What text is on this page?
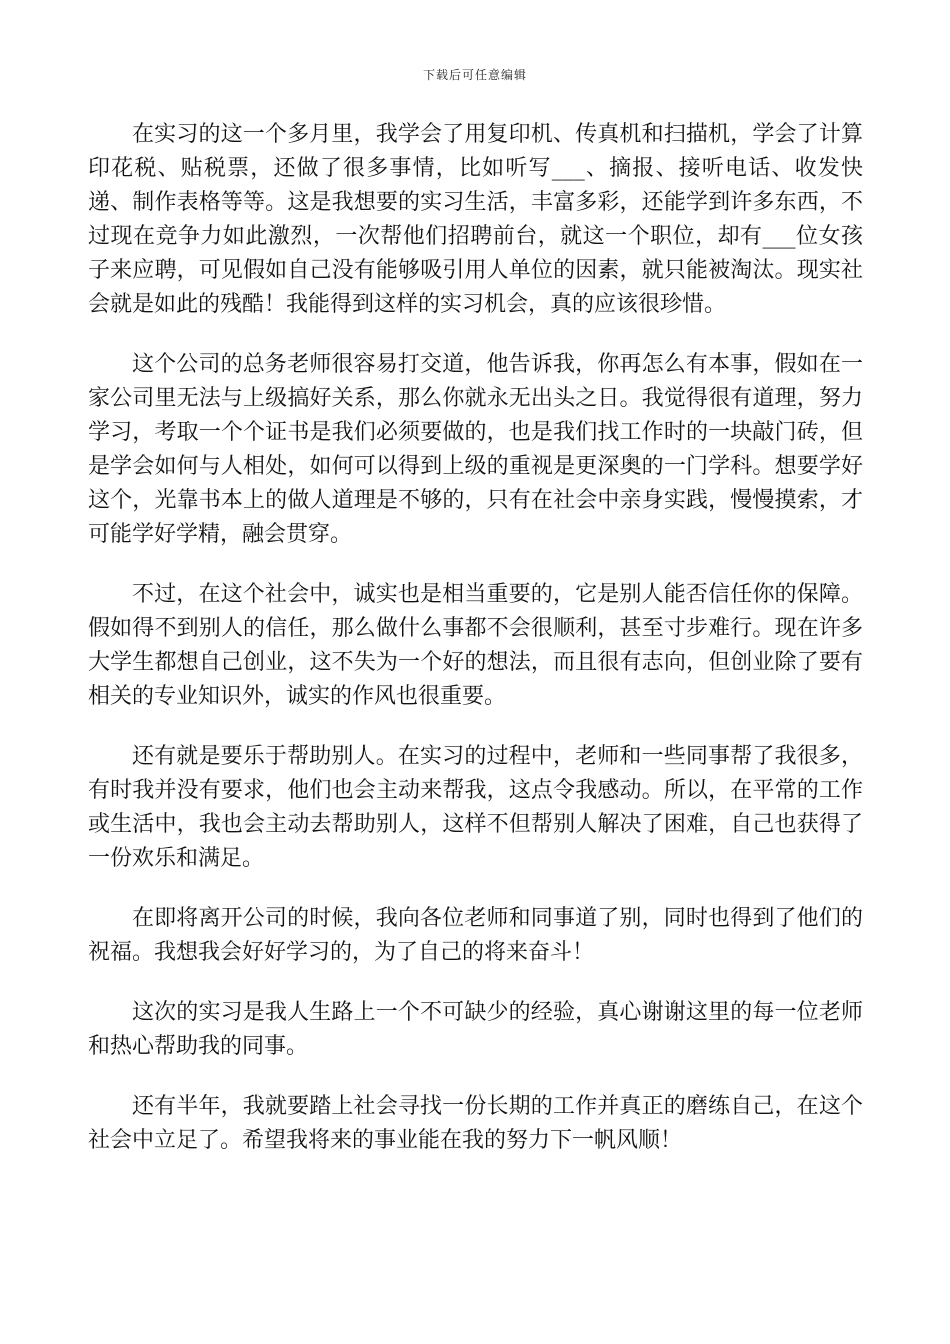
下载后可任意编辑

在实习的这一个多月里，我学会了用复印机、传真机和扫描机，学会了计算印花税、贴税票，还做了很多事情，比如听写___、摘报、接听电话、收发快递、制作表格等等。这是我想要的实习生活，丰富多彩，还能学到许多东西，不过现在竞争力如此激烈，一次帮他们招聘前台，就这一个职位，却有___位女孩子来应聘，可见假如自己没有能够吸引用人单位的因素，就只能被淘汰。现实社会就是如此的残酷！我能得到这样的实习机会，真的应该很珍惜。

这个公司的总务老师很容易打交道，他告诉我，你再怎么有本事，假如在一家公司里无法与上级搞好关系，那么你就永无出头之日。我觉得很有道理，努力学习，考取一个个证书是我们必须要做的，也是我们找工作时的一块敲门砖，但是学会如何与人相处，如何可以得到上级的重视是更深奥的一门学科。想要学好这个，光靠书本上的做人道理是不够的，只有在社会中亲身实践，慢慢摸索，才可能学好学精，融会贯穿。

不过，在这个社会中，诚实也是相当重要的，它是别人能否信任你的保障。假如得不到别人的信任，那么做什么事都不会很顺利，甚至寸步难行。现在许多大学生都想自己创业，这不失为一个好的想法，而且很有志向，但创业除了要有相关的专业知识外，诚实的作风也很重要。

还有就是要乐于帮助别人。在实习的过程中，老师和一些同事帮了我很多，有时我并没有要求，他们也会主动来帮我，这点令我感动。所以，在平常的工作或生活中，我也会主动去帮助别人，这样不但帮别人解决了困难，自己也获得了一份欢乐和满足。

在即将离开公司的时候，我向各位老师和同事道了别，同时也得到了他们的祝福。我想我会好好学习的，为了自己的将来奋斗！

这次的实习是我人生路上一个不可缺少的经验，真心谢谢这里的每一位老师和热心帮助我的同事。

还有半年，我就要踏上社会寻找一份长期的工作并真正的磨练自己，在这个社会中立足了。希望我将来的事业能在我的努力下一帆风顺！
